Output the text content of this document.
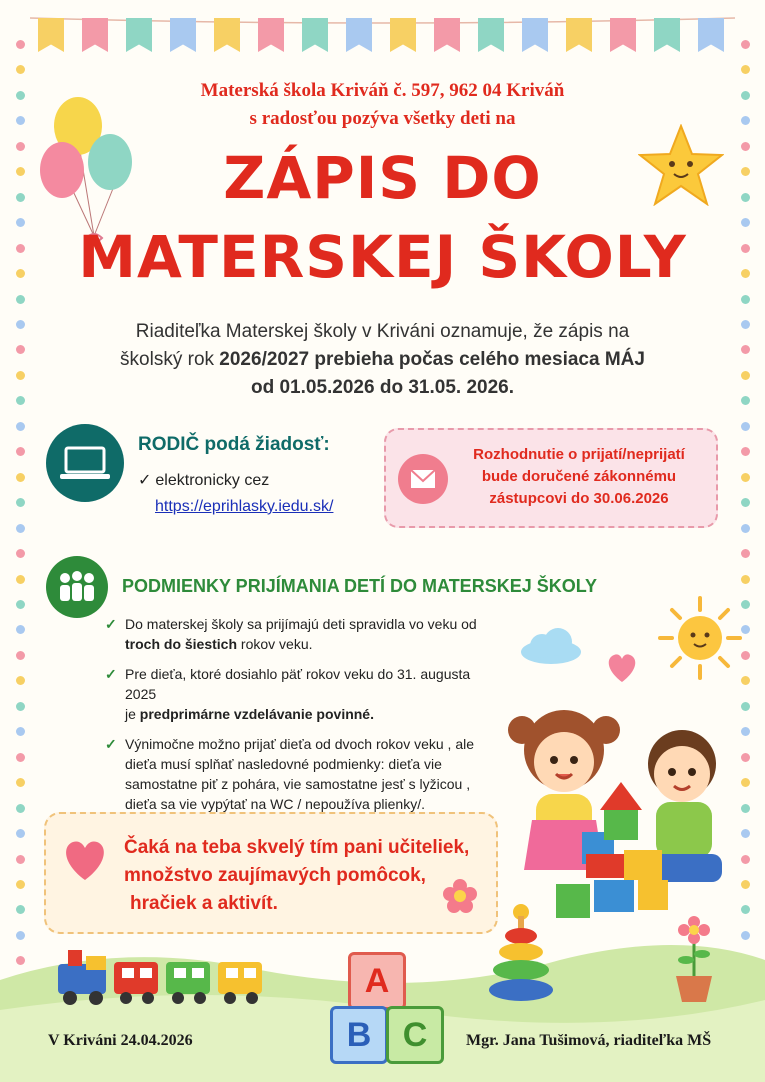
Materská škola Kriváň č. 597, 962 04 Kriváň
s radosťou pozýva všetky deti na
ZÁPIS DO
MATERSKEJ ŠKOLY
Riaditeľka Materskej školy v Kriváni oznamuje, že zápis na
školský rok 2026/2027 prebieha počas celého mesiaca MÁJ
od 01.05.2026 do 31.05. 2026.
RODIČ podá žiadosť:
✓ elektronicky cez
https://eprihlasky.iedu.sk/
Rozhodnutie o prijatí/neprijatí
bude doručené zákonnému
zástupcovi do 30.06.2026
PODMIENKY PRIJÍMANIA DETÍ DO MATERSKEJ ŠKOLY

✓ Do materskej školy sa prijímajú deti spravidla vo veku od
troch do šiestich rokov veku.

✓ Pre dieťa, ktoré dosiahlo päť rokov veku do 31. augusta 2025
je predprimárne vzdelávanie povinné.

✓ Výnimočne možno prijať dieťa od dvoch rokov veku , ale dieťa musí splňať nasledovné podmienky: dieťa vie samostatne piť z pohára, vie samostatne jesť s lyžicou , dieťa sa vie vypýtať na WC / nepoužíva plienky/.

Čaká na teba skvelý tím pani učiteliek,
množstvo zaujímavých pomôcok,
hračiek a aktivít.
A
B C
V Kriváni 24.04.2026	Mgr. Jana Tušimová, riaditeľka MŠ
